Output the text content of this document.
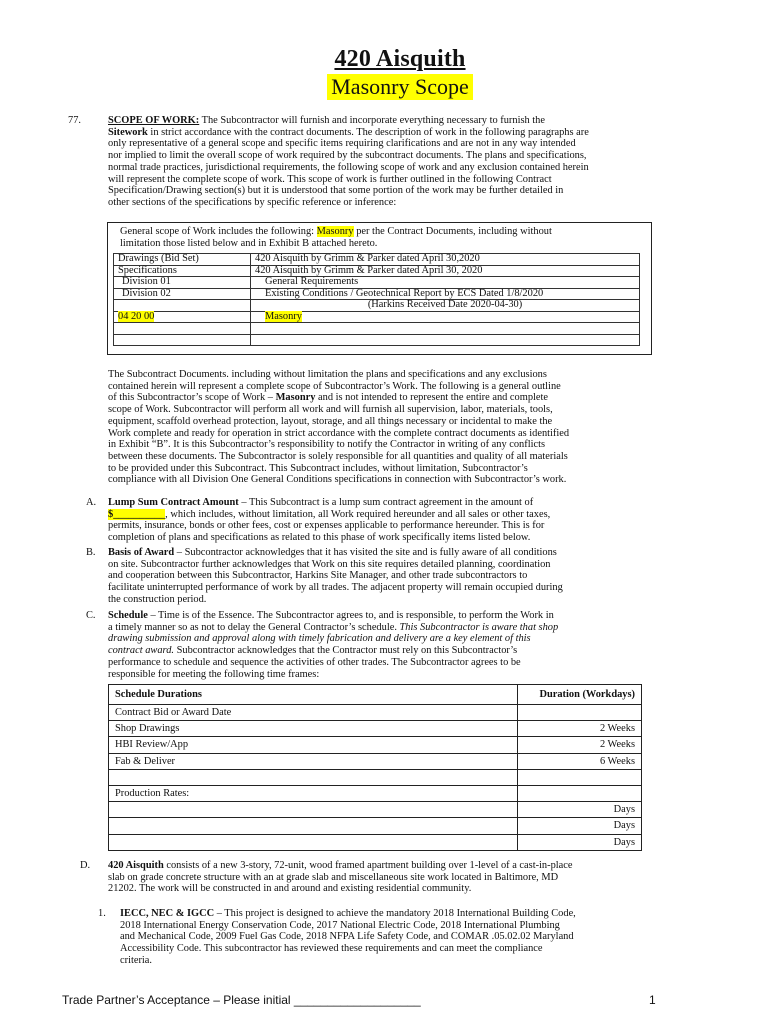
420 Aisquith
Masonry Scope
77.	SCOPE OF WORK: The Subcontractor will furnish and incorporate everything necessary to furnish the
Sitework in strict accordance with the contract documents. The description of work in the following paragraphs are
only representative of a general scope and specific items requiring clarifications and are not in any way intended
nor implied to limit the overall scope of work required by the subcontract documents. The plans and specifications,
normal trade practices, jurisdictional requirements, the following scope of work and any exclusion contained herein
will represent the complete scope of work. This scope of work is further outlined in the following Contract
Specification/Drawing section(s) but it is understood that some portion of the work may be further detailed in
other sections of the specifications by specific reference or inference:
General scope of Work includes the following: Masonry per the Contract Documents, including without
limitation those listed below and in Exhibit B attached hereto.
Drawings (Bid Set)	420 Aisquith by Grimm & Parker dated April 30,2020
Specifications	420 Aisquith by Grimm & Parker dated April 30, 2020
Division 01	General Requirements
Division 02	Existing Conditions / Geotechnical Report by ECS Dated 1/8/2020
	(Harkins Received Date 2020-04-30)
04 20 00	Masonry

The Subcontract Documents. including without limitation the plans and specifications and any exclusions
contained herein will represent a complete scope of Subcontractor’s Work. The following is a general outline
of this Subcontractor’s scope of Work – Masonry and is not intended to represent the entire and complete
scope of Work. Subcontractor will perform all work and will furnish all supervision, labor, materials, tools,
equipment, scaffold overhead protection, layout, storage, and all things necessary or incidental to make the
Work complete and ready for operation in strict accordance with the complete contract documents as identified
in Exhibit “B”. It is this Subcontractor’s responsibility to notify the Contractor in writing of any conflicts
between these documents. The Subcontractor is solely responsible for all quantities and quality of all materials
to be provided under this Subcontract. This Subcontract includes, without limitation, Subcontractor’s
compliance with all Division One General Conditions specifications in connection with Subcontractor’s work.
A. Lump Sum Contract Amount – This Subcontract is a lump sum contract agreement in the amount of
$__________, which includes, without limitation, all Work required hereunder and all sales or other taxes,
permits, insurance, bonds or other fees, cost or expenses applicable to performance hereunder. This is for
completion of plans and specifications as related to this phase of work specifically items listed below.
B. Basis of Award – Subcontractor acknowledges that it has visited the site and is fully aware of all conditions
on site. Subcontractor further acknowledges that Work on this site requires detailed planning, coordination
and cooperation between this Subcontractor, Harkins Site Manager, and other trade subcontractors to
facilitate uninterrupted performance of work by all trades. The adjacent property will remain occupied during
the construction period.
C. Schedule – Time is of the Essence. The Subcontractor agrees to, and is responsible, to perform the Work in
a timely manner so as not to delay the General Contractor’s schedule. This Subcontractor is aware that shop
drawing submission and approval along with timely fabrication and delivery are a key element of this
contract award. Subcontractor acknowledges that the Contractor must rely on this Subcontractor’s
performance to schedule and sequence the activities of other trades. The Subcontractor agrees to be
responsible for meeting the following time frames:
Schedule Durations	Duration (Workdays)
Contract Bid or Award Date	
Shop Drawings	2 Weeks
HBI Review/App	2 Weeks
Fab & Deliver	6 Weeks

Production Rates:	
	Days
	Days
	Days
D. 420 Aisquith consists of a new 3-story, 72-unit, wood framed apartment building over 1-level of a cast-in-place
slab on grade concrete structure with an at grade slab and miscellaneous site work located in Baltimore, MD
21202. The work will be constructed in and around and existing residential community.
1. IECC, NEC & IGCC – This project is designed to achieve the mandatory 2018 International Building Code,
2018 International Energy Conservation Code, 2017 National Electric Code, 2018 International Plumbing
and Mechanical Code, 2009 Fuel Gas Code, 2018 NFPA Life Safety Code, and COMAR .05.02.02 Maryland
Accessibility Code. This subcontractor has reviewed these requirements and can meet the compliance
criteria.
Trade Partner’s Acceptance – Please initial ___________________	1
